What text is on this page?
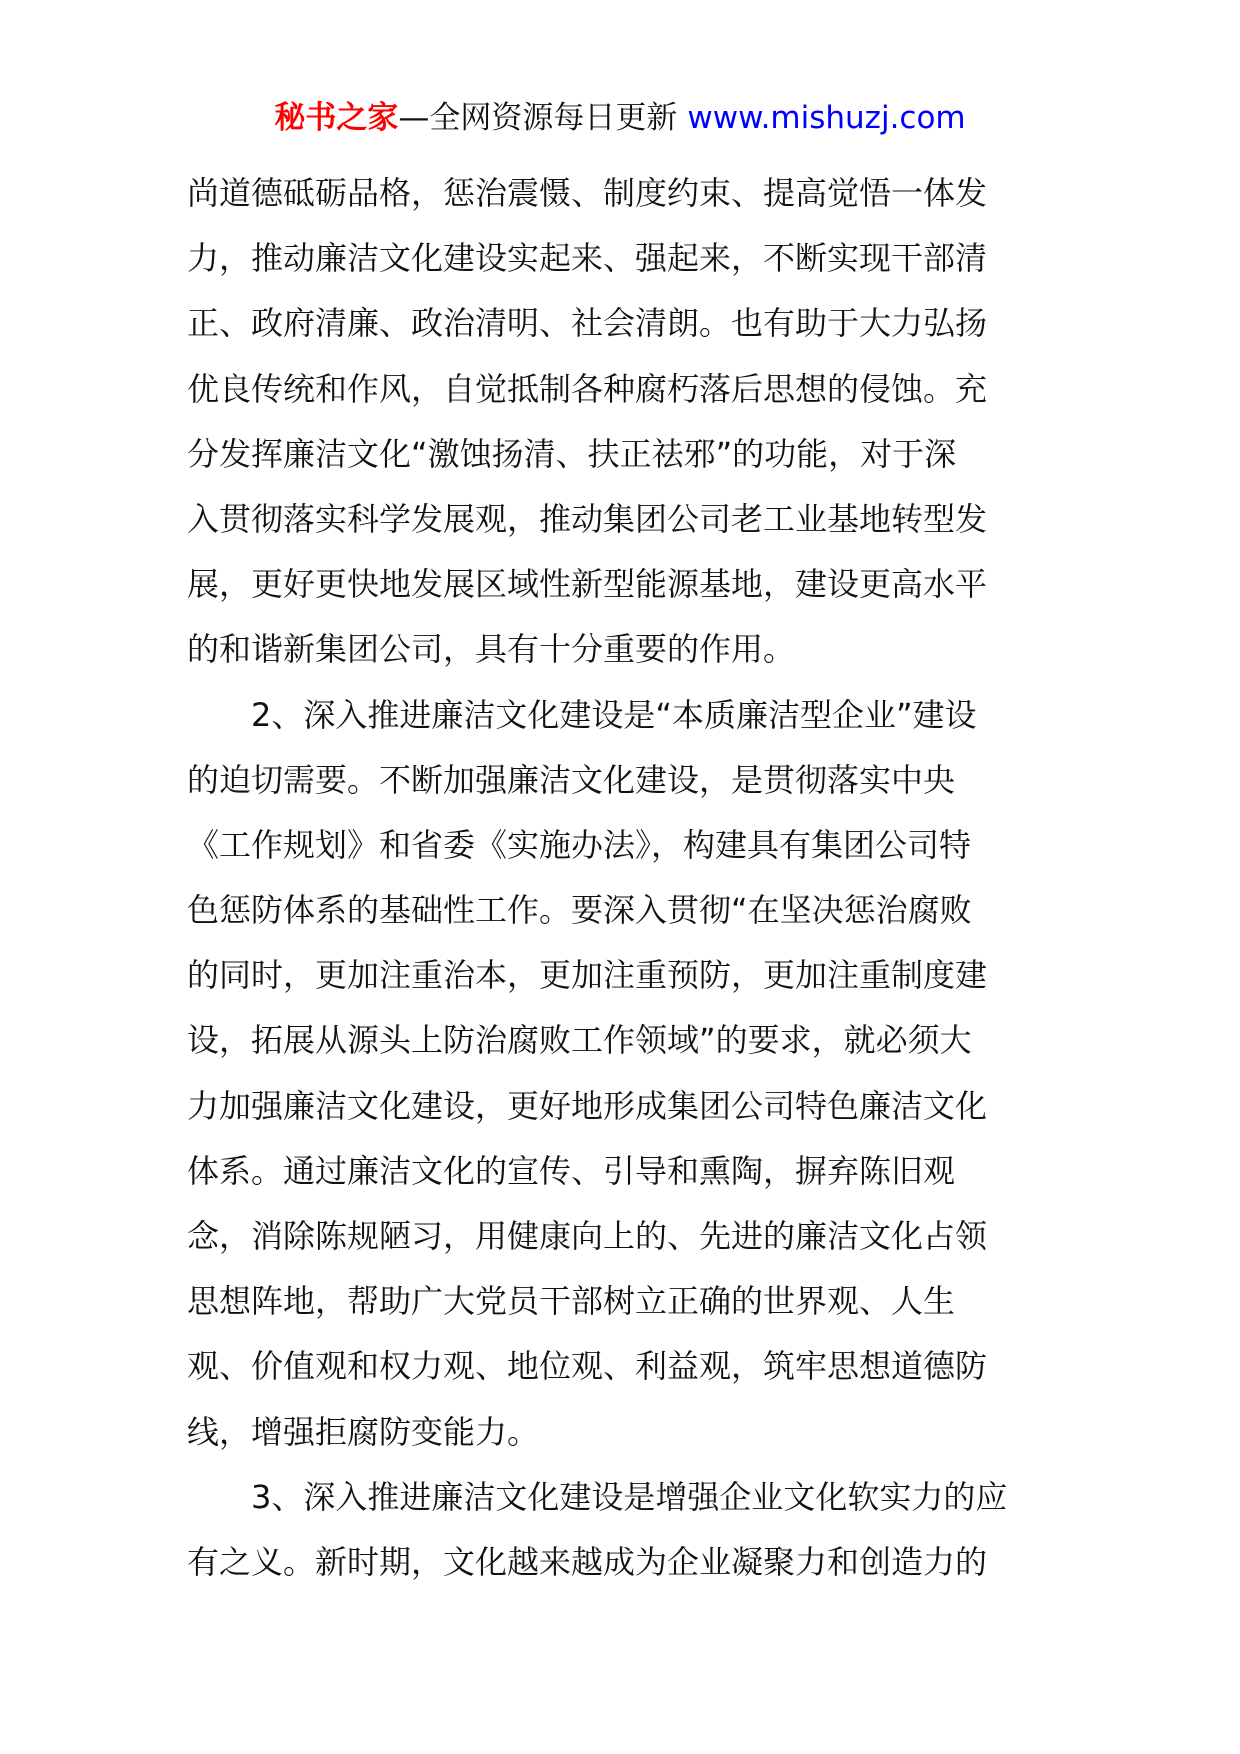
秘书之家—全网资源每日更新 www.mishuzj.com
尚道德砥砺品格，惩治震慑、制度约束、提高觉悟一体发
力，推动廉洁文化建设实起来、强起来，不断实现干部清
正、政府清廉、政治清明、社会清朗。也有助于大力弘扬
优良传统和作风，自觉抵制各种腐朽落后思想的侵蚀。充
分发挥廉洁文化“激蚀扬清、扶正祛邪”的功能，对于深
入贯彻落实科学发展观，推动集团公司老工业基地转型发
展，更好更快地发展区域性新型能源基地，建设更高水平
的和谐新集团公司，具有十分重要的作用。
2、深入推进廉洁文化建设是“本质廉洁型企业”建设
的迫切需要。不断加强廉洁文化建设，是贯彻落实中央
《工作规划》和省委《实施办法》，构建具有集团公司特
色惩防体系的基础性工作。要深入贯彻“在坚决惩治腐败
的同时，更加注重治本，更加注重预防，更加注重制度建
设，拓展从源头上防治腐败工作领域”的要求，就必须大
力加强廉洁文化建设，更好地形成集团公司特色廉洁文化
体系。通过廉洁文化的宣传、引导和熏陶，摒弃陈旧观
念，消除陈规陋习，用健康向上的、先进的廉洁文化占领
思想阵地，帮助广大党员干部树立正确的世界观、人生
观、价值观和权力观、地位观、利益观，筑牢思想道德防
线，增强拒腐防变能力。
3、深入推进廉洁文化建设是增强企业文化软实力的应
有之义。新时期，文化越来越成为企业凝聚力和创造力的
